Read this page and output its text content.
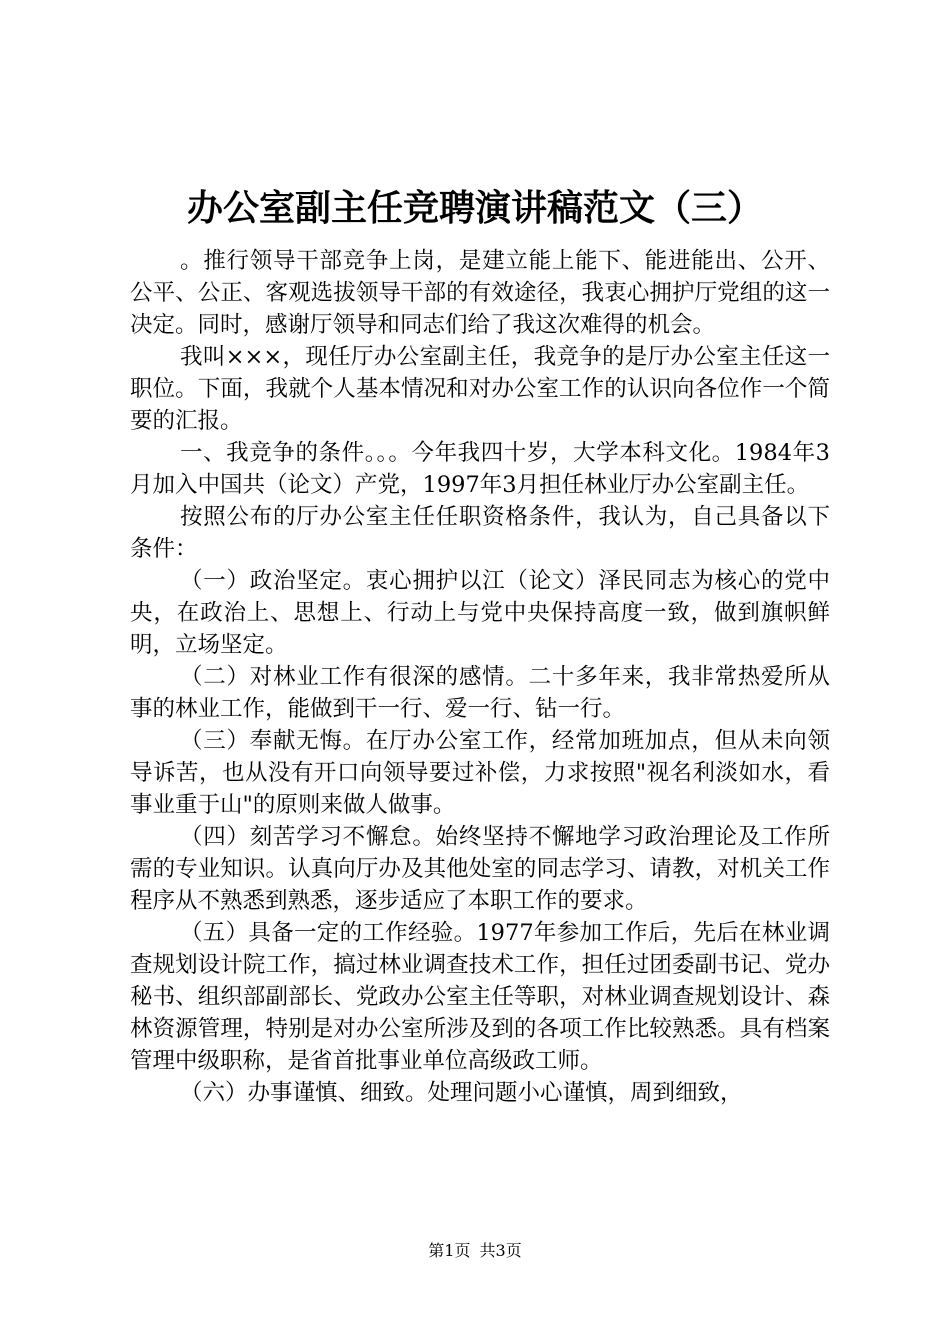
办公室副主任竞聘演讲稿范文（三）

。推行领导干部竞争上岗，是建立能上能下、能进能出、公开、公平、公正、客观选拔领导干部的有效途径，我衷心拥护厅党组的这一决定。同时，感谢厅领导和同志们给了我这次难得的机会。

我叫×××，现任厅办公室副主任，我竞争的是厅办公室主任这一职位。下面，我就个人基本情况和对办公室工作的认识向各位作一个简要的汇报。

一、我竞争的条件。。。今年我四十岁，大学本科文化。1984年3月加入中国共（论文）产党，1997年3月担任林业厅办公室副主任。

按照公布的厅办公室主任任职资格条件，我认为，自己具备以下条件：

（一）政治坚定。衷心拥护以江（论文）泽民同志为核心的党中央，在政治上、思想上、行动上与党中央保持高度一致，做到旗帜鲜明，立场坚定。

（二）对林业工作有很深的感情。二十多年来，我非常热爱所从事的林业工作，能做到干一行、爱一行、钻一行。

（三）奉献无悔。在厅办公室工作，经常加班加点，但从未向领导诉苦，也从没有开口向领导要过补偿，力求按照"视名利淡如水，看事业重于山"的原则来做人做事。

（四）刻苦学习不懈怠。始终坚持不懈地学习政治理论及工作所需的专业知识。认真向厅办及其他处室的同志学习、请教，对机关工作程序从不熟悉到熟悉，逐步适应了本职工作的要求。

（五）具备一定的工作经验。1977年参加工作后，先后在林业调查规划设计院工作，搞过林业调查技术工作，担任过团委副书记、党办秘书、组织部副部长、党政办公室主任等职，对林业调查规划设计、森林资源管理，特别是对办公室所涉及到的各项工作比较熟悉。具有档案管理中级职称，是省首批事业单位高级政工师。

（六）办事谨慎、细致。处理问题小心谨慎，周到细致，

第1页 共3页
